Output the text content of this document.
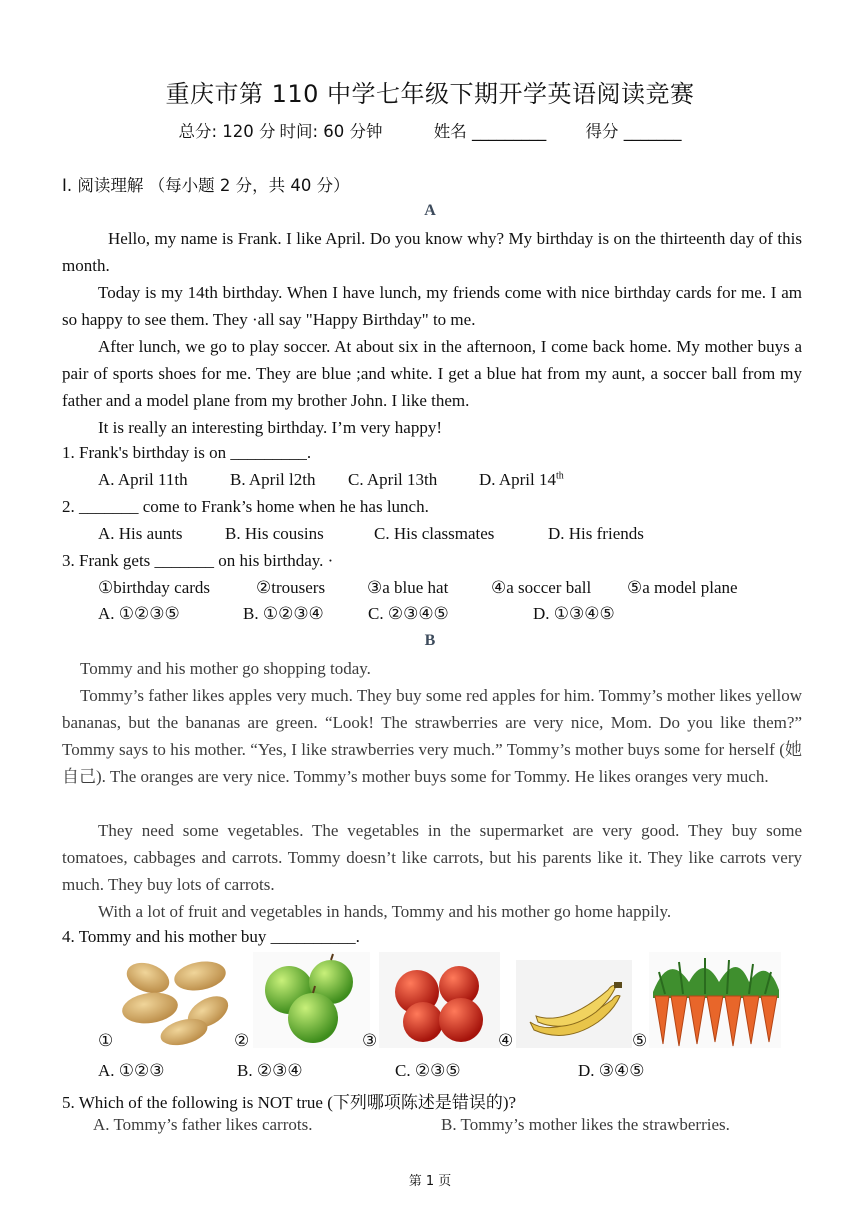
重庆市第 110 中学七年级下期开学英语阅读竞赛
总分: 120 分 时间: 60 分钟	姓名 _________ 得分 _______
I. 阅读理解 （每小题 2 分，共 40 分）
A
Hello, my name is Frank. I like April. Do you know why? My birthday is on the thirteenth day of this month.
Today is my 14th birthday. When I have lunch, my friends come with nice birthday cards for me. I am so happy to see them. They ·all say "Happy Birthday" to me.
After lunch, we go to play soccer. At about six in the afternoon, I come back home. My mother buys a pair of sports shoes for me. They are blue ;and white. I get a blue hat from my aunt, a soccer ball from my father and a model plane from my brother John. I like them.
It is really an interesting birthday. I’m very happy!
1. Frank's birthday is on _________.
A. April 11th B. April l2th C. April 13th D. April 14th
2. _______ come to Frank’s home when he has lunch.
A. His aunts B. His cousins	C. His classmates	D. His friends
3. Frank gets _______ on his birthday. ·
①birthday cards	②trousers ③a blue hat	④a soccer ball ⑤a model plane
A. ①②③⑤	B. ①②③④	C. ②③④⑤	D. ①③④⑤
B
Tommy and his mother go shopping today.
Tommy’s father likes apples very much. They buy some red apples for him. Tommy’s mother likes yellow bananas, but the bananas are green. “Look! The strawberries are very nice, Mom. Do you like them?” Tommy says to his mother. “Yes, I like strawberries very much.” Tommy’s mother buys some for herself (她自己). The oranges are very nice. Tommy’s mother buys some for Tommy. He likes oranges very much.
They need some vegetables. The vegetables in the supermarket are very good. They buy some tomatoes, cabbages and carrots. Tommy doesn’t like carrots, but his parents like it. They like carrots very much. They buy lots of carrots.
With a lot of fruit and vegetables in hands, Tommy and his mother go home happily.
4. Tommy and his mother buy __________.
①	②	③	④	⑤
A. ①②③	B. ②③④	C. ②③⑤	D. ③④⑤
5. Which of the following is NOT true (下列哪项陈述是错误的)?
A. Tommy’s father likes carrots.	B. Tommy’s mother likes the strawberries.
第 1 页
